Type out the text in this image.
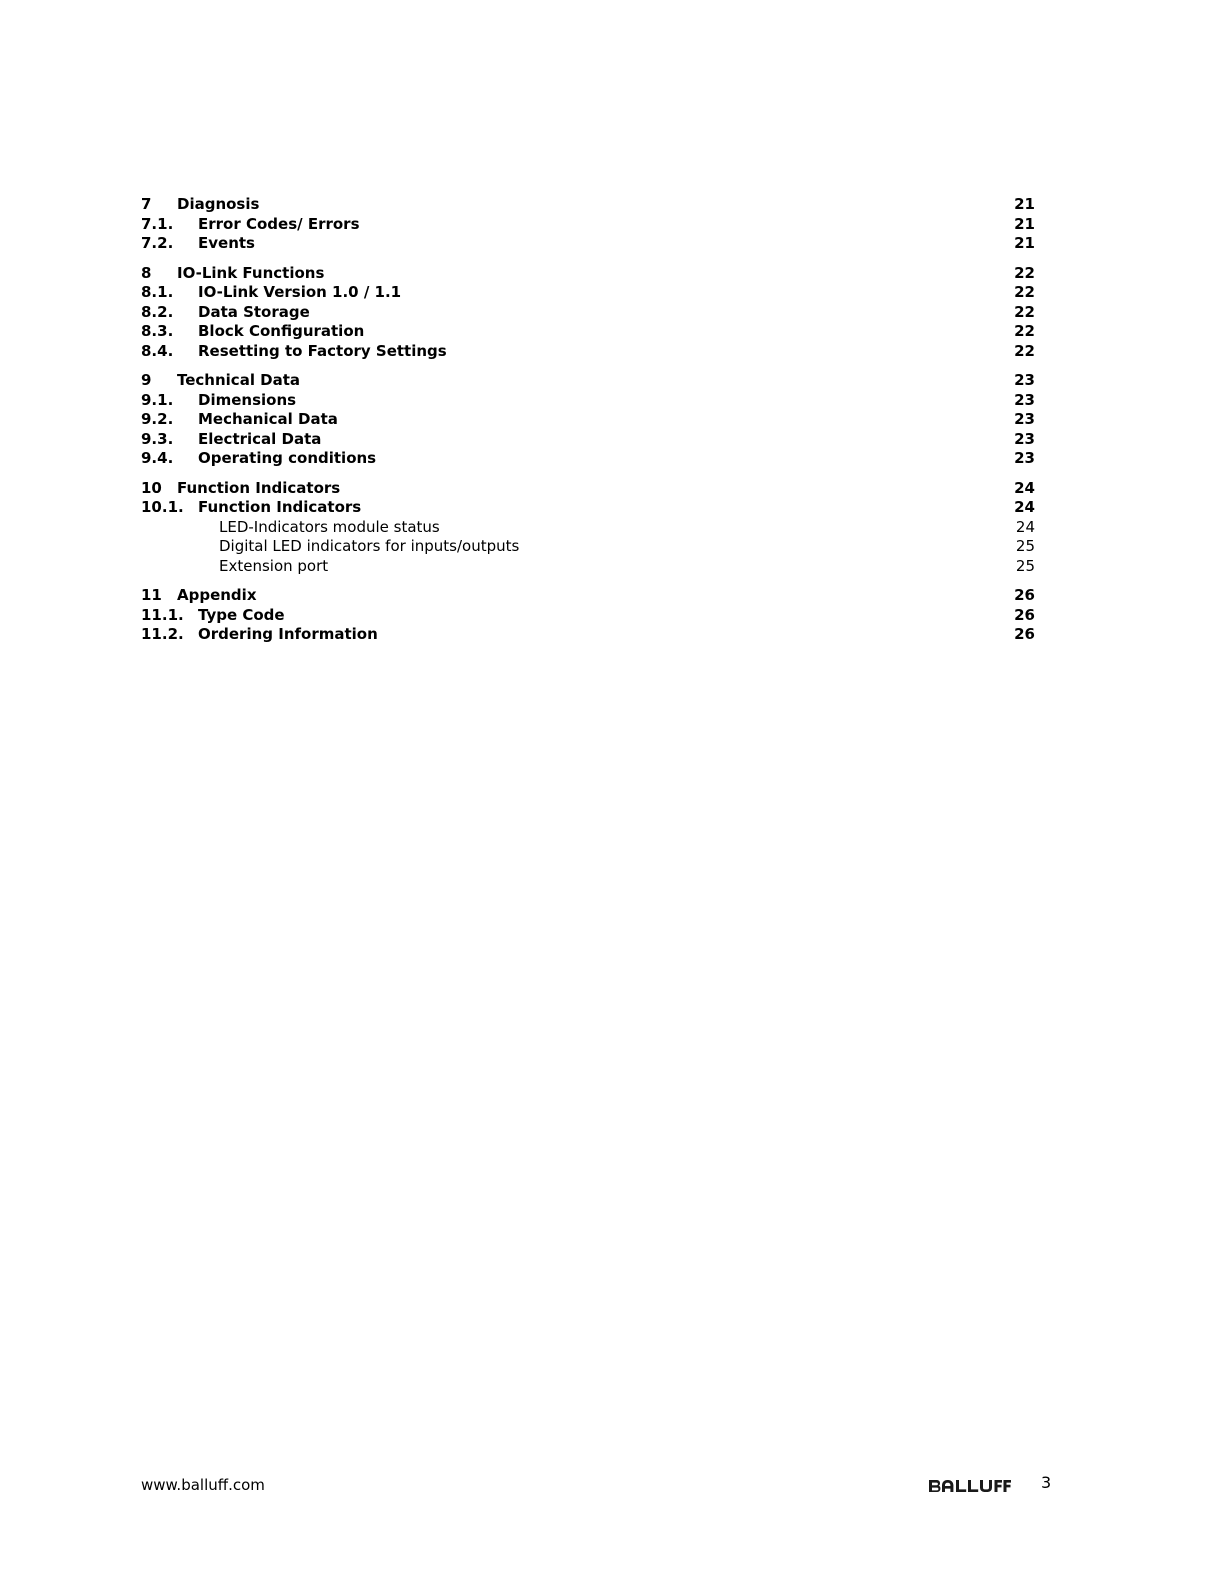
7 Diagnosis	21
7.1. Error Codes/ Errors	21
7.2. Events	21
8 IO-Link Functions	22
8.1. IO-Link Version 1.0 / 1.1	22
8.2. Data Storage	22
8.3. Block Configuration	22
8.4. Resetting to Factory Settings	22
9 Technical Data	23
9.1. Dimensions	23
9.2. Mechanical Data	23
9.3. Electrical Data	23
9.4. Operating conditions	23
10 Function Indicators	24
10.1. Function Indicators	24
LED-Indicators module status	24
Digital LED indicators for inputs/outputs	25
Extension port	25
11 Appendix	26
11.1. Type Code	26
11.2. Ordering Information	26
www.balluff.com	3
